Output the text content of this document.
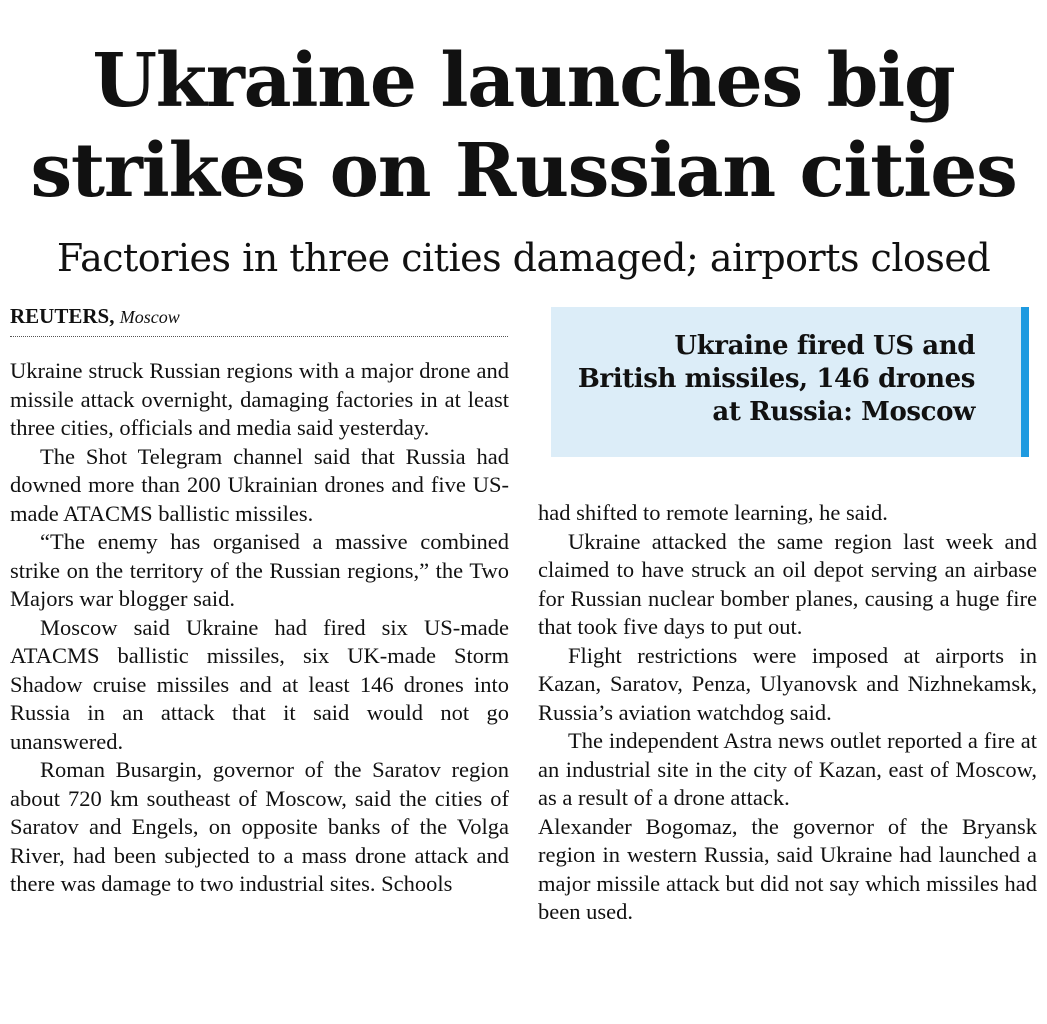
Ukraine launches big strikes on Russian cities
Factories in three cities damaged; airports closed
REUTERS, Moscow
Ukraine fired US and British missiles, 146 drones at Russia: Moscow

Ukraine struck Russian regions with a major drone and missile attack overnight, damaging factories in at least three cities, officials and media said yesterday.

The Shot Telegram channel said that Russia had downed more than 200 Ukrainian drones and five US-made ATACMS ballistic missiles.

“The enemy has organised a massive combined strike on the territory of the Russian regions,” the Two Majors war blogger said.

Moscow said Ukraine had fired six US-made ATACMS ballistic missiles, six UK-made Storm Shadow cruise missiles and at least 146 drones into Russia in an attack that it said would not go unanswered.

Roman Busargin, governor of the Saratov region about 720 km southeast of Moscow, said the cities of Saratov and Engels, on opposite banks of the Volga River, had been subjected to a mass drone attack and there was damage to two industrial sites. Schools

had shifted to remote learning, he said.

Ukraine attacked the same region last week and claimed to have struck an oil depot serving an airbase for Russian nuclear bomber planes, causing a huge fire that took five days to put out.

Flight restrictions were imposed at airports in Kazan, Saratov, Penza, Ulyanovsk and Nizhnekamsk, Russia’s aviation watchdog said.

The independent Astra news outlet reported a fire at an industrial site in the city of Kazan, east of Moscow, as a result of a drone attack.

Alexander Bogomaz, the governor of the Bryansk region in western Russia, said Ukraine had launched a major missile attack but did not say which missiles had been used.
